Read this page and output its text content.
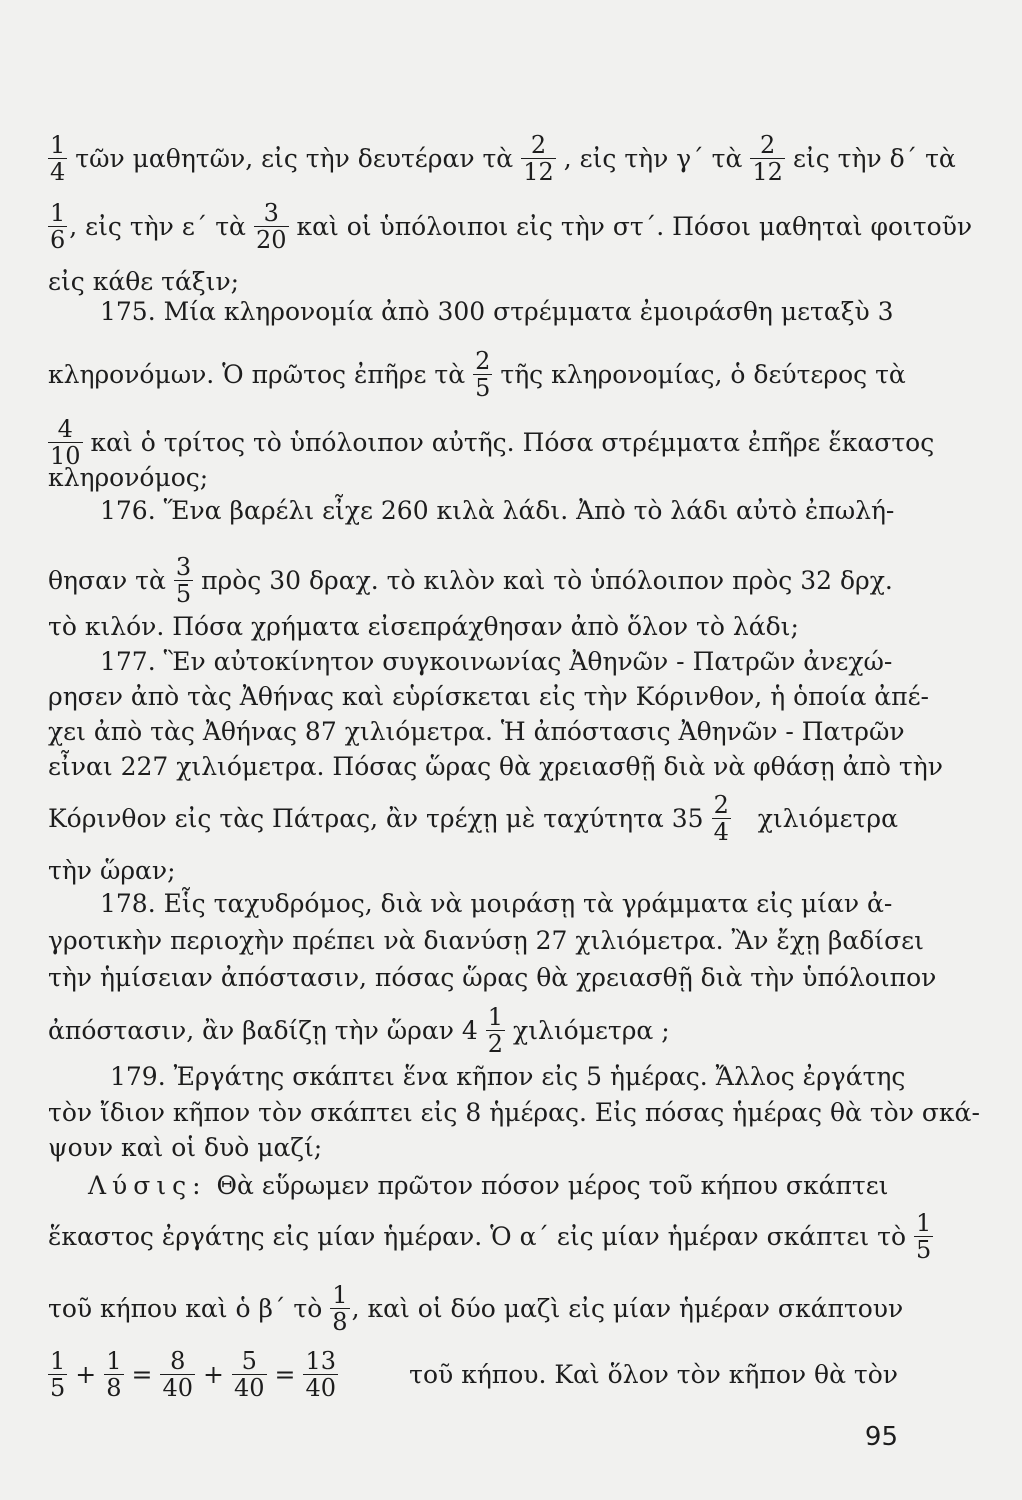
$\frac{1}{4}$ τῶν μαθητῶν, εἰς τὴν δευτέραν τὰ $\frac{2}{12}$ , εἰς τὴν γ΄ τὰ $\frac{2}{12}$ εἰς τὴν δ΄ τὰ
$\frac{1}{6}$ , εἰς τὴν ε΄ τὰ $\frac{3}{20}$ καὶ οἱ ὑπόλοιποι εἰς τὴν στ΄. Πόσοι μαθηταὶ φοιτοῦν
εἰς κάθε τάξιν;
175. Μία κληρονομία ἀπὸ 300 στρέμματα ἐμοιράσθη μεταξὺ 3
κληρονόμων. Ὁ πρῶτος ἐπῆρε τὰ $\frac{2}{5}$ τῆς κληρονομίας, ὁ δεύτερος τὰ
$\frac{4}{10}$ καὶ ὁ τρίτος τὸ ὑπόλοιπον αὐτῆς. Πόσα στρέμματα ἐπῆρε ἕκαστος
κληρονόμος;
176. Ἕνα βαρέλι εἶχε 260 κιλὰ λάδι. Ἀπὸ τὸ λάδι αὐτὸ ἐπωλή-
θησαν τὰ $\frac{3}{5}$ πρὸς 30 δραχ. τὸ κιλὸν καὶ τὸ ὑπόλοιπον πρὸς 32 δρχ.
τὸ κιλόν. Πόσα χρήματα εἰσεπράχθησαν ἀπὸ ὅλον τὸ λάδι;
177. Ἓν αὐτοκίνητον συγκοινωνίας Ἀθηνῶν - Πατρῶν ἀνεχώ-
ρησεν ἀπὸ τὰς Ἀθήνας καὶ εὑρίσκεται εἰς τὴν Κόρινθον, ἡ ὁποία ἀπέ-
χει ἀπὸ τὰς Ἀθήνας 87 χιλιόμετρα. Ἡ ἀπόστασις Ἀθηνῶν - Πατρῶν
εἶναι 227 χιλιόμετρα. Πόσας ὥρας θὰ χρειασθῇ διὰ νὰ φθάσῃ ἀπὸ τὴν
Κόρινθον εἰς τὰς Πάτρας, ἂν τρέχῃ μὲ ταχύτητα $35 \frac{2}{4}$ χιλιόμετρα
τὴν ὥραν;
178. Εἷς ταχυδρόμος, διὰ νὰ μοιράσῃ τὰ γράμματα εἰς μίαν ἀ-
γροτικὴν περιοχὴν πρέπει νὰ διανύσῃ 27 χιλιόμετρα. Ἂν ἔχῃ βαδίσει
τὴν ἡμίσειαν ἀπόστασιν, πόσας ὥρας θὰ χρειασθῇ διὰ τὴν ὑπόλοιπον
ἀπόστασιν, ἂν βαδίζῃ τὴν ὥραν $4 \frac{1}{2}$ χιλιόμετρα ;
179. Ἐργάτης σκάπτει ἕνα κῆπον εἰς 5 ἡμέρας. Ἄλλος ἐργάτης
τὸν ἴδιον κῆπον τὸν σκάπτει εἰς 8 ἡμέρας. Εἰς πόσας ἡμέρας θὰ τὸν σκά-
ψουν καὶ οἱ δυὸ μαζί;
Λύσις: Θὰ εὕρωμεν πρῶτον πόσον μέρος τοῦ κήπου σκάπτει
ἕκαστος ἐργάτης εἰς μίαν ἡμέραν. Ὁ α΄ εἰς μίαν ἡμέραν σκάπτει τὸ $\frac{1}{5}$
τοῦ κήπου καὶ ὁ β΄ τὸ $\frac{1}{8}$ , καὶ οἱ δύο μαζὶ εἰς μίαν ἡμέραν σκάπτουν
$\frac{1}{5} + \frac{1}{8} = \frac{8}{40} + \frac{5}{40} = \frac{13}{40}$	τοῦ κήπου. Καὶ ὅλον τὸν κῆπον θὰ τὸν
95
